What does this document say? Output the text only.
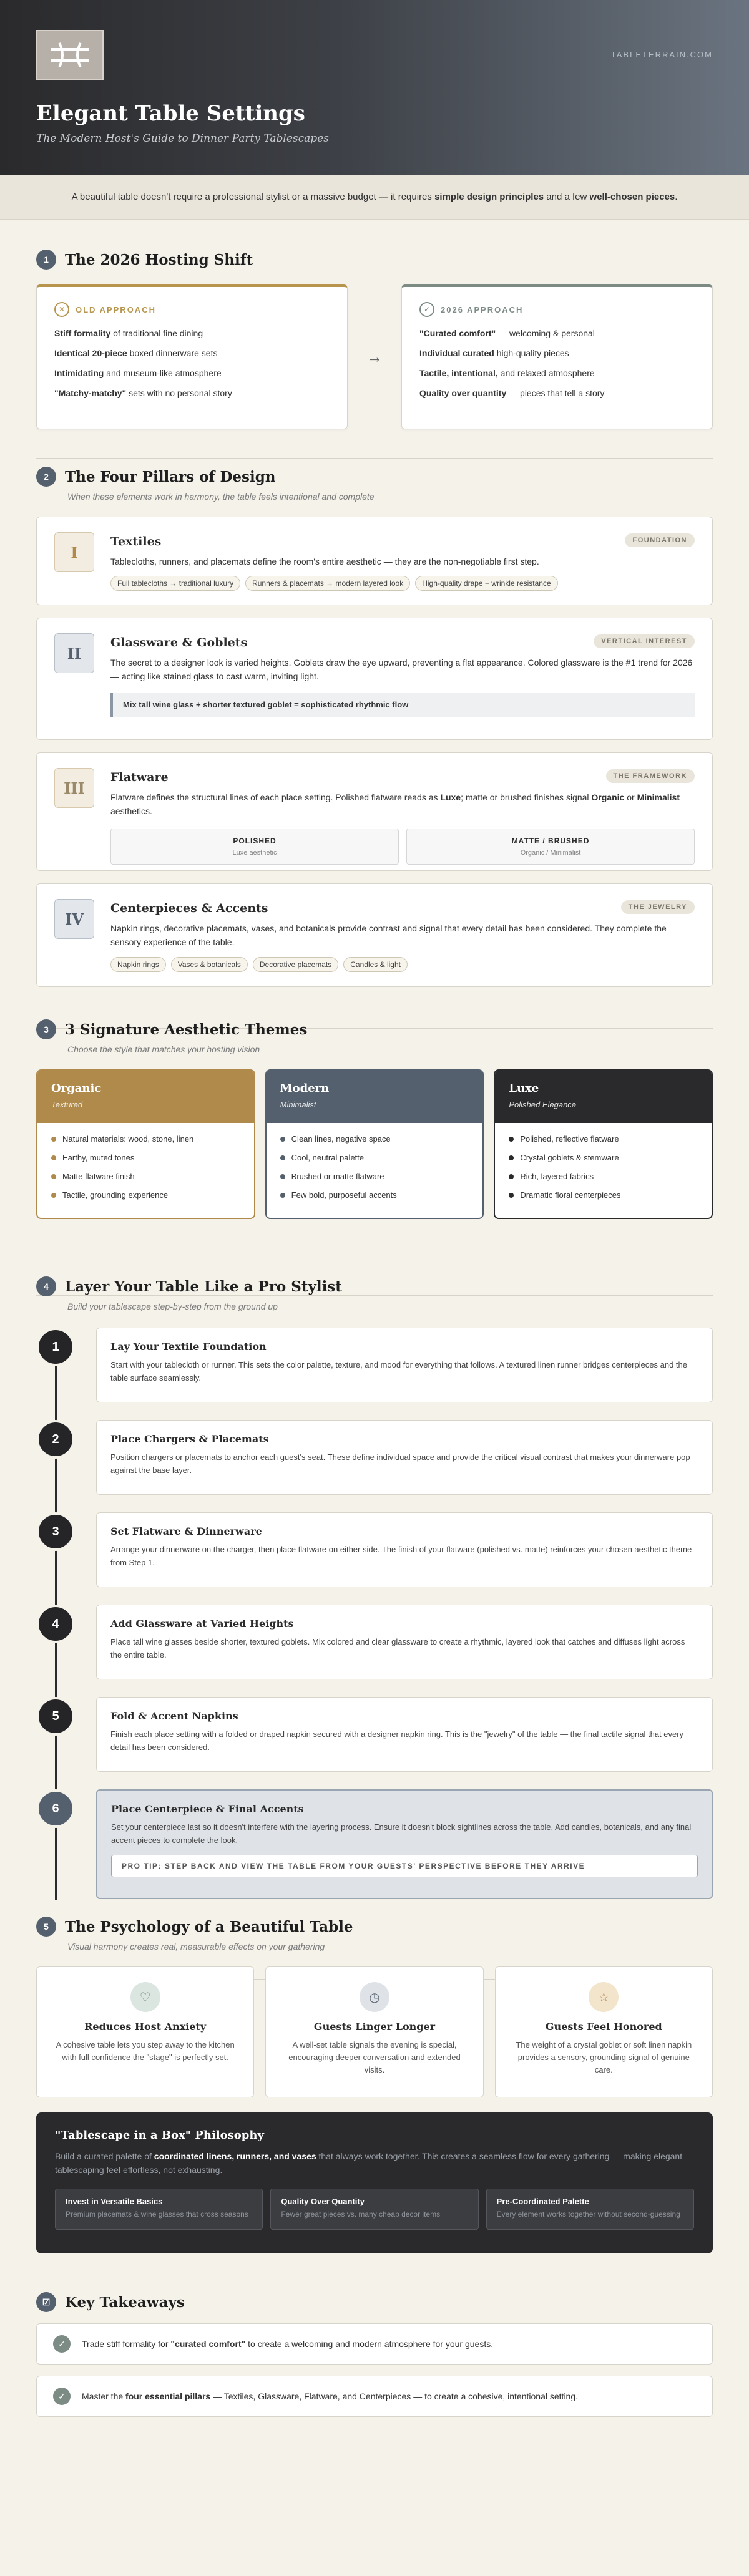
TABLETERRAIN.COM
Elegant Table Settings
The Modern Host's Guide to Dinner Party Tablescapes
A beautiful table doesn't require a professional stylist or a massive budget — it requires simple design principles and a few well-chosen pieces.
1	The 2026 Hosting Shift
✕	OLD APPROACH
Stiff formality of traditional fine dining
Identical 20-piece boxed dinnerware sets
Intimidating and museum-like atmosphere
"Matchy-matchy" sets with no personal story
→
✓	2026 APPROACH
"Curated comfort" — welcoming & personal
Individual curated high-quality pieces
Tactile, intentional, and relaxed atmosphere
Quality over quantity — pieces that tell a story
2	The Four Pillars of Design
When these elements work in harmony, the table feels intentional and complete
I
Textiles

Tablecloths, runners, and placemats define the room's entire aesthetic — they are the non-negotiable first step.

Full tablecloths → traditional luxury	Runners & placemats → modern layered look	High-quality drape + wrinkle resistance
FOUNDATION
II
Glassware & Goblets

The secret to a designer look is varied heights. Goblets draw the eye upward, preventing a flat appearance. Colored glassware is the #1 trend for 2026 — acting like stained glass to cast warm, inviting light.

Mix tall wine glass + shorter textured goblet = sophisticated rhythmic flow
VERTICAL INTEREST
III
Flatware

Flatware defines the structural lines of each place setting. Polished flatware reads as Luxe; matte or brushed finishes signal Organic or Minimalist aesthetics.

POLISHED
Luxe aesthetic
MATTE / BRUSHED
Organic / Minimalist
THE FRAMEWORK
IV
Centerpieces & Accents

Napkin rings, decorative placemats, vases, and botanicals provide contrast and signal that every detail has been considered. They complete the sensory experience of the table.

Napkin rings	Vases & botanicals	Decorative placemats	Candles & light
THE JEWELRY
3	3 Signature Aesthetic Themes
Choose the style that matches your hosting vision
Organic
Textured
Natural materials: wood, stone, linen
Earthy, muted tones
Matte flatware finish
Tactile, grounding experience
Modern
Minimalist
Clean lines, negative space
Cool, neutral palette
Brushed or matte flatware
Few bold, purposeful accents
Luxe
Polished Elegance
Polished, reflective flatware
Crystal goblets & stemware
Rich, layered fabrics
Dramatic floral centerpieces
4	Layer Your Table Like a Pro Stylist
Build your tablescape step-by-step from the ground up
1	Lay Your Textile Foundation

Start with your tablecloth or runner. This sets the color palette, texture, and mood for everything that follows. A textured linen runner bridges centerpieces and the table surface seamlessly.

2	Place Chargers & Placemats

Position chargers or placemats to anchor each guest's seat. These define individual space and provide the critical visual contrast that makes your dinnerware pop against the base layer.

3	Set Flatware & Dinnerware

Arrange your dinnerware on the charger, then place flatware on either side. The finish of your flatware (polished vs. matte) reinforces your chosen aesthetic theme from Step 1.

4	Add Glassware at Varied Heights

Place tall wine glasses beside shorter, textured goblets. Mix colored and clear glassware to create a rhythmic, layered look that catches and diffuses light across the entire table.

5	Fold & Accent Napkins

Finish each place setting with a folded or draped napkin secured with a designer napkin ring. This is the "jewelry" of the table — the final tactile signal that every detail has been considered.

6	Place Centerpiece & Final Accents

Set your centerpiece last so it doesn't interfere with the layering process. Ensure it doesn't block sightlines across the table. Add candles, botanicals, and any final accent pieces to complete the look.

PRO TIP: STEP BACK AND VIEW THE TABLE FROM YOUR GUESTS' PERSPECTIVE BEFORE THEY ARRIVE
5	The Psychology of a Beautiful Table
Visual harmony creates real, measurable effects on your gathering
♡
Reduces Host Anxiety

A cohesive table lets you step away to the kitchen with full confidence the "stage" is perfectly set.

◷
Guests Linger Longer

A well-set table signals the evening is special, encouraging deeper conversation and extended visits.

☆
Guests Feel Honored

The weight of a crystal goblet or soft linen napkin provides a sensory, grounding signal of genuine care.

"Tablescape in a Box" Philosophy

Build a curated palette of coordinated linens, runners, and vases that always work together. This creates a seamless flow for every gathering — making elegant tablescaping feel effortless, not exhausting.

Invest in Versatile Basics
Premium placemats & wine glasses that cross seasons
Quality Over Quantity
Fewer great pieces vs. many cheap decor items
Pre-Coordinated Palette
Every element works together without second-guessing
☑	Key Takeaways
✓	Trade stiff formality for "curated comfort" to create a welcoming and modern atmosphere for your guests.
✓	Master the four essential pillars — Textiles, Glassware, Flatware, and Centerpieces — to create a cohesive, intentional setting.
